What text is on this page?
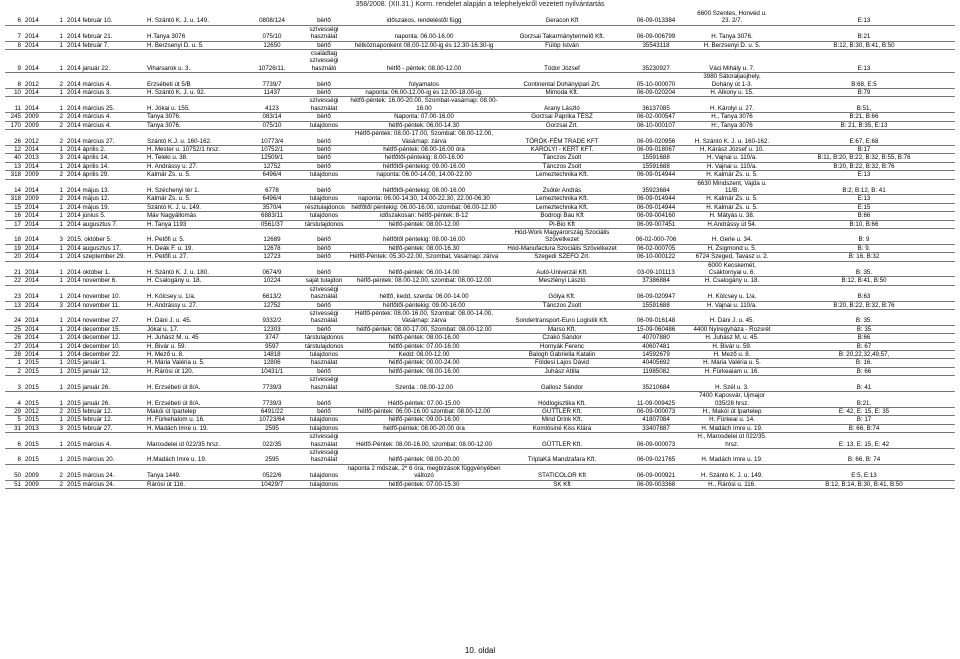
358/2008. (XII.31.) Korm. rendelet alapján a telephelyekről vezetett nyilvántartás
6	2014	1	2014 február 10.	H. Szántó K. J. u. 149.	0808/124	bérlő	időszakos, rendeléstől függ	Geracon Kft	06-09-013384	6600 Szentes, Honvéd u. 23. 2/7.	E:13
7	2014	1	2014 február 21.	H.Tanya 3076	075/10	szívességi használat	naponta: 06.00-16.00	Gorzsai Takarmánytermelő Kft.	06-09-006799	H. Tanya 3076.	B:21
8	2014	1	2014 február 7.	H. Berzsenyi D. u. 5.	12650	bérlő	hétköznaponként 08.00-12.00-ig és 12.30-16.30-ig	Fülöp István	35543118	H. Berzsenyi D. u. 5.	B:12, B:30, B:41, B:50
9	2014	1	2014 január 22.	Viharsarok u. 3.	10726/11.	családtag szívességi használó	hétfő - péntek: 08.00-12.00	Tódor József	35230927	Váci Mihály u. 7.	E:13
8	2012	2	2014 március 4.	Erzsébeti út 5/B	7739/7	bérlő	folyamatos	Continental Dohányipari Zrt.	05-10-000070	3980 Sátoraljaújhely, Dohány út 1-3.	B:68, E:5
10	2014	1	2014 március 3.	H. Szántó K. J. u. 92.	11437	bérlő	naponta: 06.00-12.00-ig és 12.00-18.00-ig.	Mimoda Kft.	06-09-020204	H. Alkony u. 15.	B:79
11	2014	1	2014 március 25.	H. Jókai u. 155.	4123	szívességi használat	hétfő-péntek: 16.00-20.00, Szombat-vasárnap: 08.00-16.00	Arany László	36137085	H. Károlyi u. 27.	B:51,
245	2009	2	2014 március 4.	Tanya 3076.	083/14	bérlő	Naponta: 07.00-16.00	Gorzsai Paprika TÉSZ	06-02-000547	H., Tanya 3076	B:21, B:66
170	2009	2	2014 március 4.	Tanya 3076.	075/10	tulajdonos	hétfő-péntek: 06.00-14.30	Gorzsai Zrt.	06-10-000107	H:, Tanya 3076	B: 21, B:35, E:13
26	2012	2	2014 március 27.	Szántó K.J. u. 160-162.	10773/4	bérlő	Hétfő-péntek: 08.00-17.00, Szombat: 08.00-12.00, Vasárnap: zárva	TÖRÖK-FÉM TRADE KFT	06-09-020956	H. Szántó K. J. u. 160-162.	E:67, E:68
12	2014	1	2014 április 2.	H. Mester u. 10752/1 hrsz.	10752/1	bérlő	hétfő-péntek: 08.00-16.00 óra	KÁROLYI - KERT KFT.	06-09-018067	H. Kárász József u. 10.	B:17
40	2013	3	2014 április 14.	H. Teleki u. 38.	12509/1	bérlő	hétfőtől-péntekig: 8.00-16.00	Tánczos Zsolt	15591688	H. Vajnai u. 110/a.	B:11, B:20, B:22, B:32, B:55, B:76
13	2014	1	2014 április 14.	H. Andrássy u. 27.	12752	bérlő	hétfőtől-péntekig: 09.00-16.00	Tánczos Zsolt	15591688	H. Vajnai u. 110/a.	B:20, B:22, B:32, B:76
318	2009	2	2014 április 29.	Kalmár Zs. u. 5.	6496/4	tulajdonos	naponta: 06.00-14.00, 14.00-22.00	Lemeztechnika Kft.	06-09-014944	H. Kalmár Zs. u. 5.	E:13
14	2014	1	2014 május 13.	H. Széchenyi tér 1.	6778	bérlő	hétfőtől-péntekig: 08.00-16.00	Zsótér András	35923684	6630 Mindszent, Vajda u. 11/B.	B:2, B:12, B: 41
318	2009	2	2014 május 12.	Kalmár Zs. u. 5.	6496/4	tulajdonos	naponta: 06.00-14.30, 14.00-22.30, 22.00-06.30	Lemeztechnika Kft.	06-09-014944	H. Kalmár Zs. u. 5.	E:13
15	2014	1	2014 május 19.	Szántó K. J. u. 149.	3570/4	résztulajdonos	hétfőtől péntekig: 06.00-16.00, szombat: 06.00-12.00	Lemeztechnika Kft.	06-09-014944	H. Kalmár Zs. u. 5.	E:15
16	2014	1	2014 június 5.	Máv Nagyállomás	6883/11	tulajdonos	időszakosan: hétfő-péntek: 8-12	Bodrogi Bau Kft	06-09-004160	H. Mátyás u. 38.	B:66
17	2014	1	2014 augusztus 7.	H. Tanya 1193	0561/37	társtulajdonos	hétfő-péntek: 08.00-12.00	Pi-Bio Kft	06-09-007451	H.Andrássy út 54.	B:10, B:66
18	2014	3	2015. október 5.	H. Petőfi u. 5.	12689	bérlő	hétfőtől péntekig: 08.00-16.00	Hód-Work Magyarország Szociális Szövetkezet	06-02-000-706	H. Gerle u. 34.	B: 9
19	2014	1	2014 augusztus 17.	H. Deák F. u. 19.	12678	bérlő	hétfő-péntek: 08.00-16.30	Hód-Manufactura Szociális Szövetkezet	06-02-000705	H. Zsigmond u. 5.	B: 9.
20	2014	1	2014 szeptember 29.	H. Petőfi u. 27.	12723	bérlő	Hétfő-Péntek: 05.30-22.00, Szombat, Vasárnap: zárva	Szegedi SZEFO Zrt.	06-10-000122	6724 Szeged, Tavasz u. 2.	B: 16, B:32
21	2014	1	2014 október 1.	H. Szántó K. J. u. 180.	0674/9	bérlő	hétfő-péntek: 06.00-14.00	Autó-Univerzál Kft.	03-09-101113	6000 Kecskemét, Csáktornyai u. 6.	B: 35.
22	2014	1	2014 november 6.	H. Csalogány u. 18.	10224	saját tulajdon	hétfő-péntek: 08.00-12.00, szombat: 08.00-12.00	Meszlényi László	37386884	H. Csalogány u. 18.	B:12, B:41, B:50
23	2014	1	2014 november 10.	H. Kölcsey u. 1/a.	6613/2	szívességi használat	hétfő, kedd, szerda: 06.00-14.00	Gólya Kft.	06-09-020947	H. Kölcsey u. 1/a.	B:63
13	2014	3	2014 november 11.	H. Andrássy u. 27.	12752	bérlő	hétfőtől-péntekig: 09.00-16.00	Tánczos Zsolt	15591688	H. Vajnai u. 110/a.	B:20, B:22, B:32, B:76
24	2014	1	2014 november 27.	H. Dáni J. u. 45.	9332/2	szívességi használat	Hétfő-péntek: 08.00-16.00, Szombat: 08.00-14.00, Vasárnap: zárva	Sondertransport-Euro Logistik Kft.	06-09-016148	H. Dáni J. u. 45.	B: 35.
25	2014	1	2014 december 15.	Jókai u. 17.	12303	bérlő	hétfő-péntek: 08.00-17.00, Szombat: 08.00-12.00	Marso Kft.	15-09-060486	4400 Nyíregyháza - Rozsrét	B: 35
26	2014	1	2014 december 12.	H. Juhász M. u. 45	3747	társtulajdonos	hétfő-péntek: 08.00-16.00	Czakó Sándor	40707880	H. Juhász M. u. 45.	B:66
27	2014	1	2014 december 10.	H. Bivár u. 59.	9597	társtulajdonos	hétfő-péntek: 07.00-16.00	Hornyák Ferenc	40607481	H. Bivár u. 59.	B: 67
28	2014	1	2014 december 22.	H. Mező u. 8.	14818	tulajdonos	Kedd: 08.00-12.00	Balogh Gabriella Katalin	14592679	H. Mező u. 8.	B: 20,22,32,49,57,
1	2015	1	2015 január 1.	H. Mária Valéria u. 5.	12806	használat	hétfő-péntek: 00.00-24.00	Földesi Lajos Dávid	40405692	H. Mária Valéria u. 5.	B: 16.
2	2015	1	2015 január 12.	H. Rárósi út 120.	10431/1	bérlő	hétfő-péntek: 08.00-16.00	Juhász Attila	11985082	H. Fürkeaiam u. 16.	B: 66
3	2015	1	2015 január 26.	H. Erzsébeti út 8/A.	7739/3	szívességi használat	Szerda : 08.00-12.00	Gallosz Sándor	35210684	H. Szél u. 3.	B: 41
4	2015	1	2015 január 26.	H. Erzsébeti út 8/A.	7739/3	bérlő	Hétfő-péntek: 07.00-15.00	Hódlogisztika Kft.	11-09-009425	7400 Kaposvár, Ujmajor 035/28 hrsz.	B:21.
29	2012	2	2015 február 12.	Makói út Ipartelep	6491/22	bérlő	hétfő-péntek: 06.00-16.00 szombat: 08.00-12.00	GÜTTLER Kft.	06-09-000073	H., Makói út Ipartelep	E: 42, E: 15, E: 35
5	2015	1	2015 február 12.	H. Fürkehalom u. 16.	10723/64	tulajdonos	hétfő-péntek: 09.00-16.00	Mind Drink Kft.	41807084	H. Fürkeai u. 14.	B: 17
31	2013	3	2015 február 27.	H. Madách Imre u. 19.	2595	tulajdonos	hétfő-péntek: 08.00-20.00 óra	Komlósiné Kiss Klára	33407887	H. Madách Imre u. 19.	B: 66, B:74
6	2015	1	2015 március 4.	Marosdelei út 022/35 hrsz.	022/35	szívességi használat	Hétfő-Péntek: 08.00-16.00, szombat: 08.00-12.00	GÜTTLER Kft.	06-09-000073	H., Marosdelei út 022/35. hrsz.	E: 13, E: 15, E: 42
8	2015	1	2015 március 20.	H.Madách Imre u. 19.	2595	szívességi használat	hétfő-péntek: 08.00-20.00	TriplaKá Mandzafara Kft.	06-09-021765	H. Madách Imre u. 19.	B: 66, B: 74
50	2009	2	2015 március 24.	Tanya 1449.	0522/6	tulajdonos	naponta 2 műszak, 2* 6 óra, megbízások függvényében változó	STATICOLOR Kft	06-09-000921	H. Szántó K. J. u. 149.	E:5, E:13
51	2009	2	2015 március 24.	Rárósi út 116.	10429/7	tulajdonos	hétfő-péntek: 07.00-15.30	SK Kft	06-09-003368	H., Rárósi u. 116.	B:12, B:14, B:30, B:41, B:50
10. oldal
